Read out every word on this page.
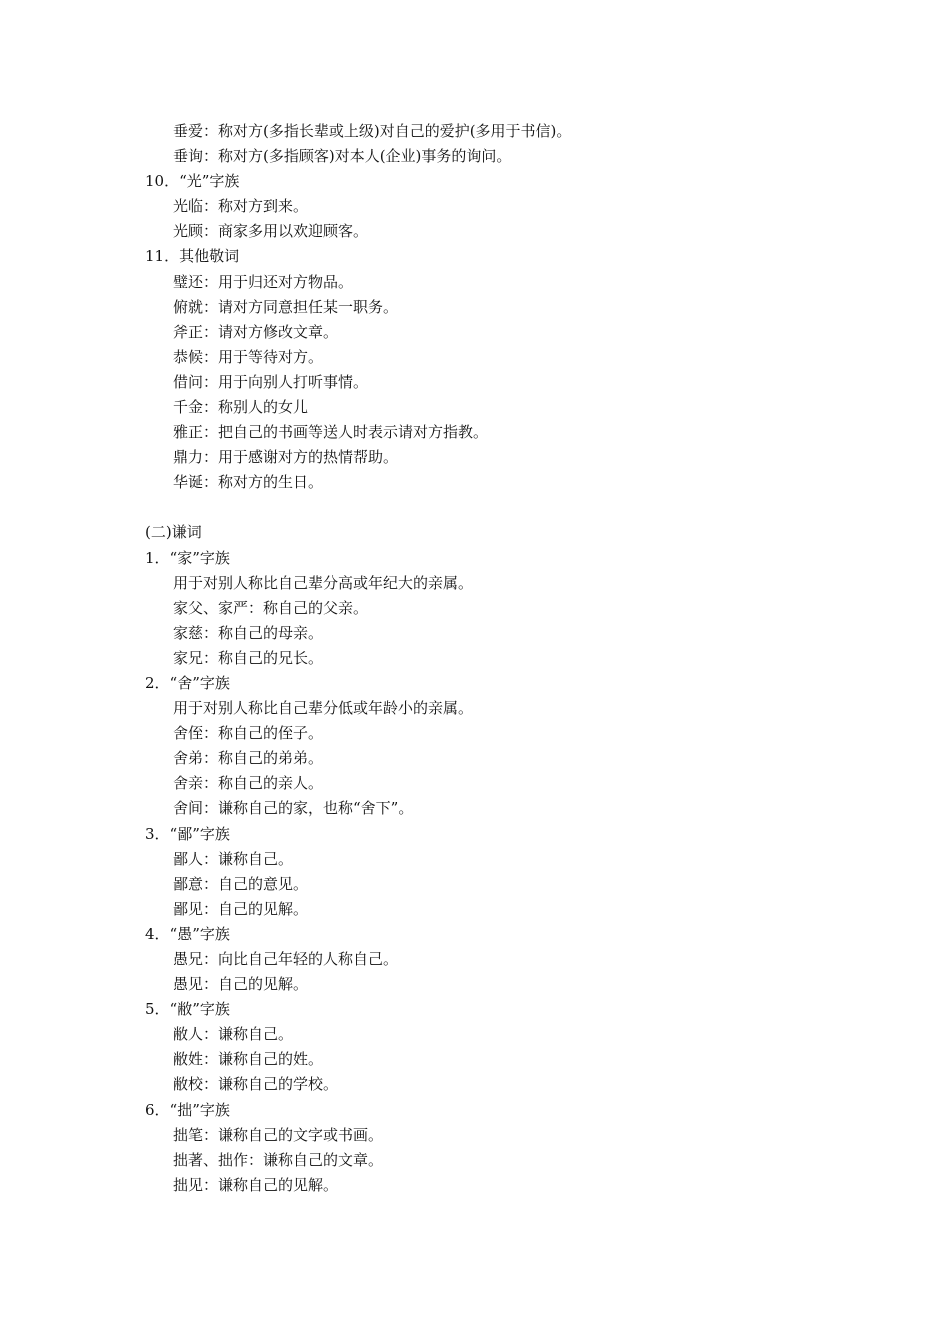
垂爱：称对方(多指长辈或上级)对自己的爱护(多用于书信)。
垂询：称对方(多指顾客)对本人(企业)事务的询问。
10．“光”字族
光临：称对方到来。
光顾：商家多用以欢迎顾客。
11．其他敬词
璧还：用于归还对方物品。
俯就：请对方同意担任某一职务。
斧正：请对方修改文章。
恭候：用于等待对方。
借问：用于向别人打听事情。
千金：称别人的女儿
雅正：把自己的书画等送人时表示请对方指教。
鼎力：用于感谢对方的热情帮助。
华诞：称对方的生日。
(二)谦词
1．“家”字族
用于对别人称比自己辈分高或年纪大的亲属。
家父、家严：称自己的父亲。
家慈：称自己的母亲。
家兄：称自己的兄长。
2．“舍”字族
用于对别人称比自己辈分低或年龄小的亲属。
舍侄：称自己的侄子。
舍弟：称自己的弟弟。
舍亲：称自己的亲人。
舍间：谦称自己的家，也称“舍下”。
3．“鄙”字族
鄙人：谦称自己。
鄙意：自己的意见。
鄙见：自己的见解。
4．“愚”字族
愚兄：向比自己年轻的人称自己。
愚见：自己的见解。
5．“敝”字族
敝人：谦称自己。
敝姓：谦称自己的姓。
敝校：谦称自己的学校。
6．“拙”字族
拙笔：谦称自己的文字或书画。
拙著、拙作：谦称自己的文章。
拙见：谦称自己的见解。
